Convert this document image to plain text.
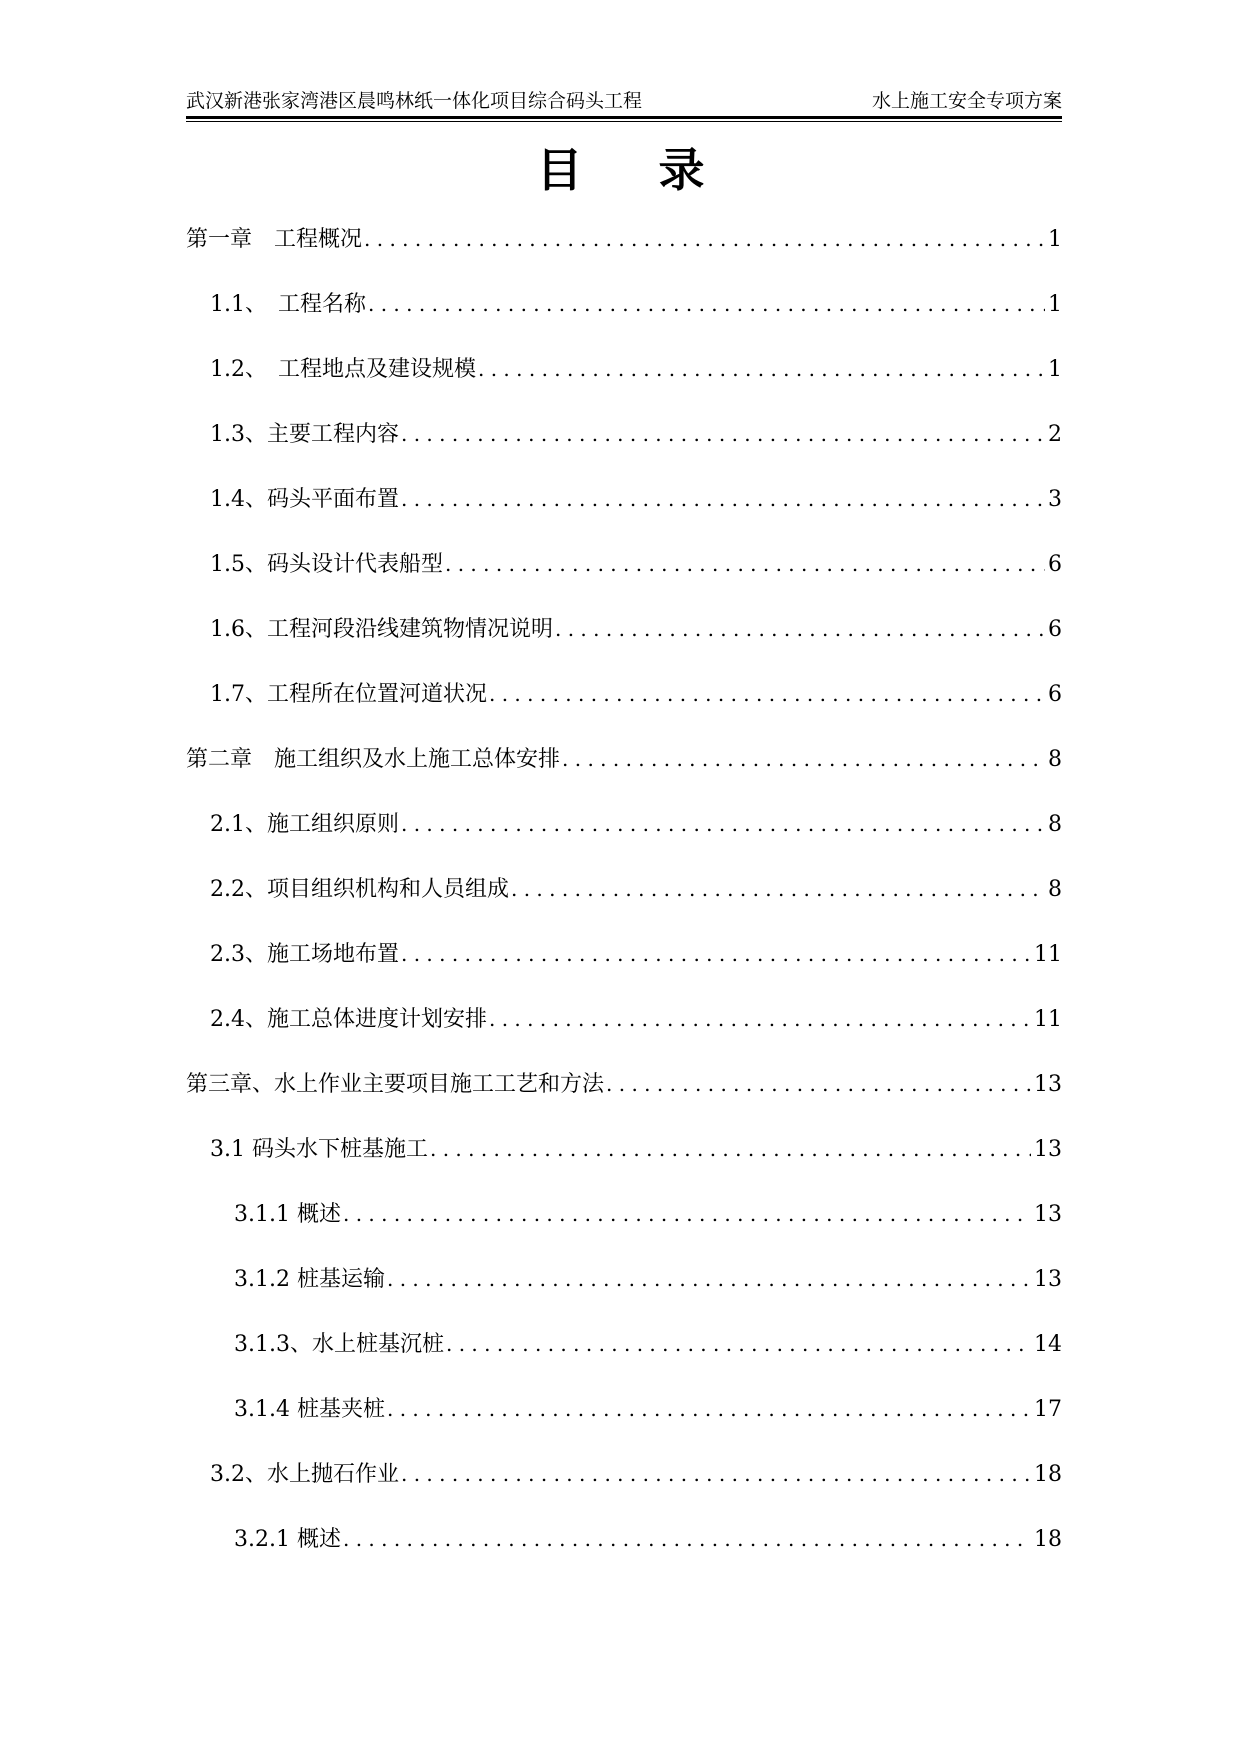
武汉新港张家湾港区晨鸣林纸一体化项目综合码头工程	水上施工安全专项方案
目 录
第一章　工程概况 . . .	1
1.1、　工程名称 . . .	1
1.2、　工程地点及建设规模 . . .	1
1.3、主要工程内容 . . .	2
1.4、码头平面布置 . . .	3
1.5、码头设计代表船型 . . .	6
1.6、工程河段沿线建筑物情况说明 . . .	6
1.7、工程所在位置河道状况 . . .	6
第二章　施工组织及水上施工总体安排 . . .	8
2.1、施工组织原则 . . .	8
2.2、项目组织机构和人员组成 . . .	8
2.3、施工场地布置 . . .	11
2.4、施工总体进度计划安排 . . .	11
第三章、水上作业主要项目施工工艺和方法 . . .	13
3.1 码头水下桩基施工 . . .	13
3.1.1 概述 . . .	13
3.1.2 桩基运输 . . .	13
3.1.3、水上桩基沉桩 . . .	14
3.1.4 桩基夹桩 . . .	17
3.2、水上抛石作业 . . .	18
3.2.1 概述 . . .	18
